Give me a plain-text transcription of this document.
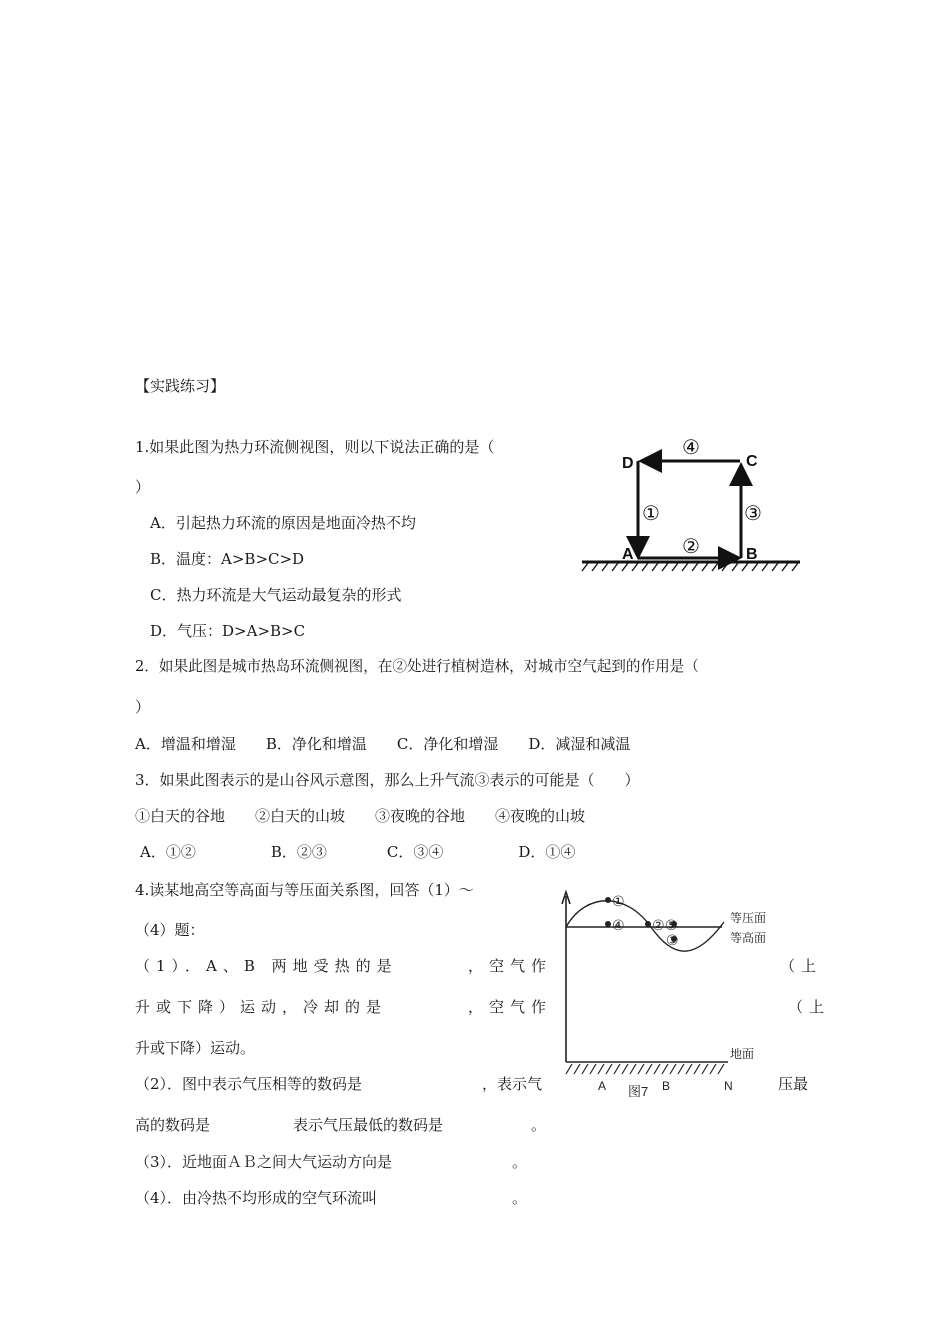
【实践练习】
1.如果此图为热力环流侧视图，则以下说法正确的是（
）
A．引起热力环流的原因是地面冷热不均
B．温度：A>B>C>D
C．热力环流是大气运动最复杂的形式
D．气压：D>A>B>C
2．如果此图是城市热岛环流侧视图，在②处进行植树造林，对城市空气起到的作用是（
）
A．增温和增湿　　B．净化和增温　　C．净化和增湿　　D．减湿和减温
3．如果此图表示的是山谷风示意图，那么上升气流③表示的可能是（　　）
①白天的谷地　　②白天的山坡　　③夜晚的谷地　　④夜晚的山坡
A．①②　　　　　B．②③　　　　C．③④　　　　　D．①④
4.读某地高空等高面与等压面关系图，回答（1）～
（4）题：
（1）．A、B 两地受热的是	，空气作	（上
升或下降）运动，冷却的是	，空气作	（上
升或下降）运动。
（2）．图中表示气压相等的数码是	，表示气	压最
高的数码是	表示气压最低的数码是	。
（3）．近地面ＡＢ之间大气运动方向是	。
（4）．由冷热不均形成的空气环流叫	。
D	C
A	B
④
①	③
②
①
④ ② ⑤
③
等压面
等高面
地面
A	B	N
图7
